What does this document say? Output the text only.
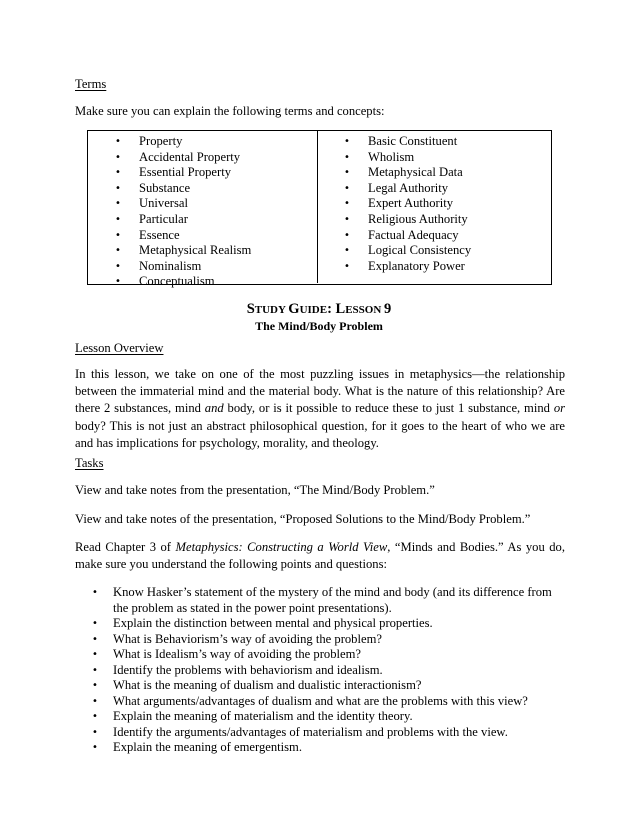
Terms

Make sure you can explain the following terms and concepts:

• Property
• Accidental Property
• Essential Property
• Substance
• Universal
• Particular
• Essence
• Metaphysical Realism
• Nominalism
• Conceptualism
• Basic Constituent
• Wholism
• Metaphysical Data
• Legal Authority
• Expert Authority
• Religious Authority
• Factual Adequacy
• Logical Consistency
• Explanatory Power

STUDY GUIDE: LESSON 9

The Mind/Body Problem

Lesson Overview

In this lesson, we take on one of the most puzzling issues in metaphysics—the relationship
between the immaterial mind and the material body. What is the nature of this relationship? Are
there 2 substances, mind and body, or is it possible to reduce these to just 1 substance, mind or
body? This is not just an abstract philosophical question, for it goes to the heart of who we are
and has implications for psychology, morality, and theology.

Tasks

View and take notes from the presentation, “The Mind/Body Problem.”

View and take notes of the presentation, “Proposed Solutions to the Mind/Body Problem.”

Read Chapter 3 of Metaphysics: Constructing a World View, “Minds and Bodies.” As you do,
make sure you understand the following points and questions:
• Know Hasker’s statement of the mystery of the mind and body (and its difference from
the problem as stated in the power point presentations).
• Explain the distinction between mental and physical properties.
• What is Behaviorism’s way of avoiding the problem?
• What is Idealism’s way of avoiding the problem?
• Identify the problems with behaviorism and idealism.
• What is the meaning of dualism and dualistic interactionism?
• What arguments/advantages of dualism and what are the problems with this view?
• Explain the meaning of materialism and the identity theory.
• Identify the arguments/advantages of materialism and problems with the view.
• Explain the meaning of emergentism.
